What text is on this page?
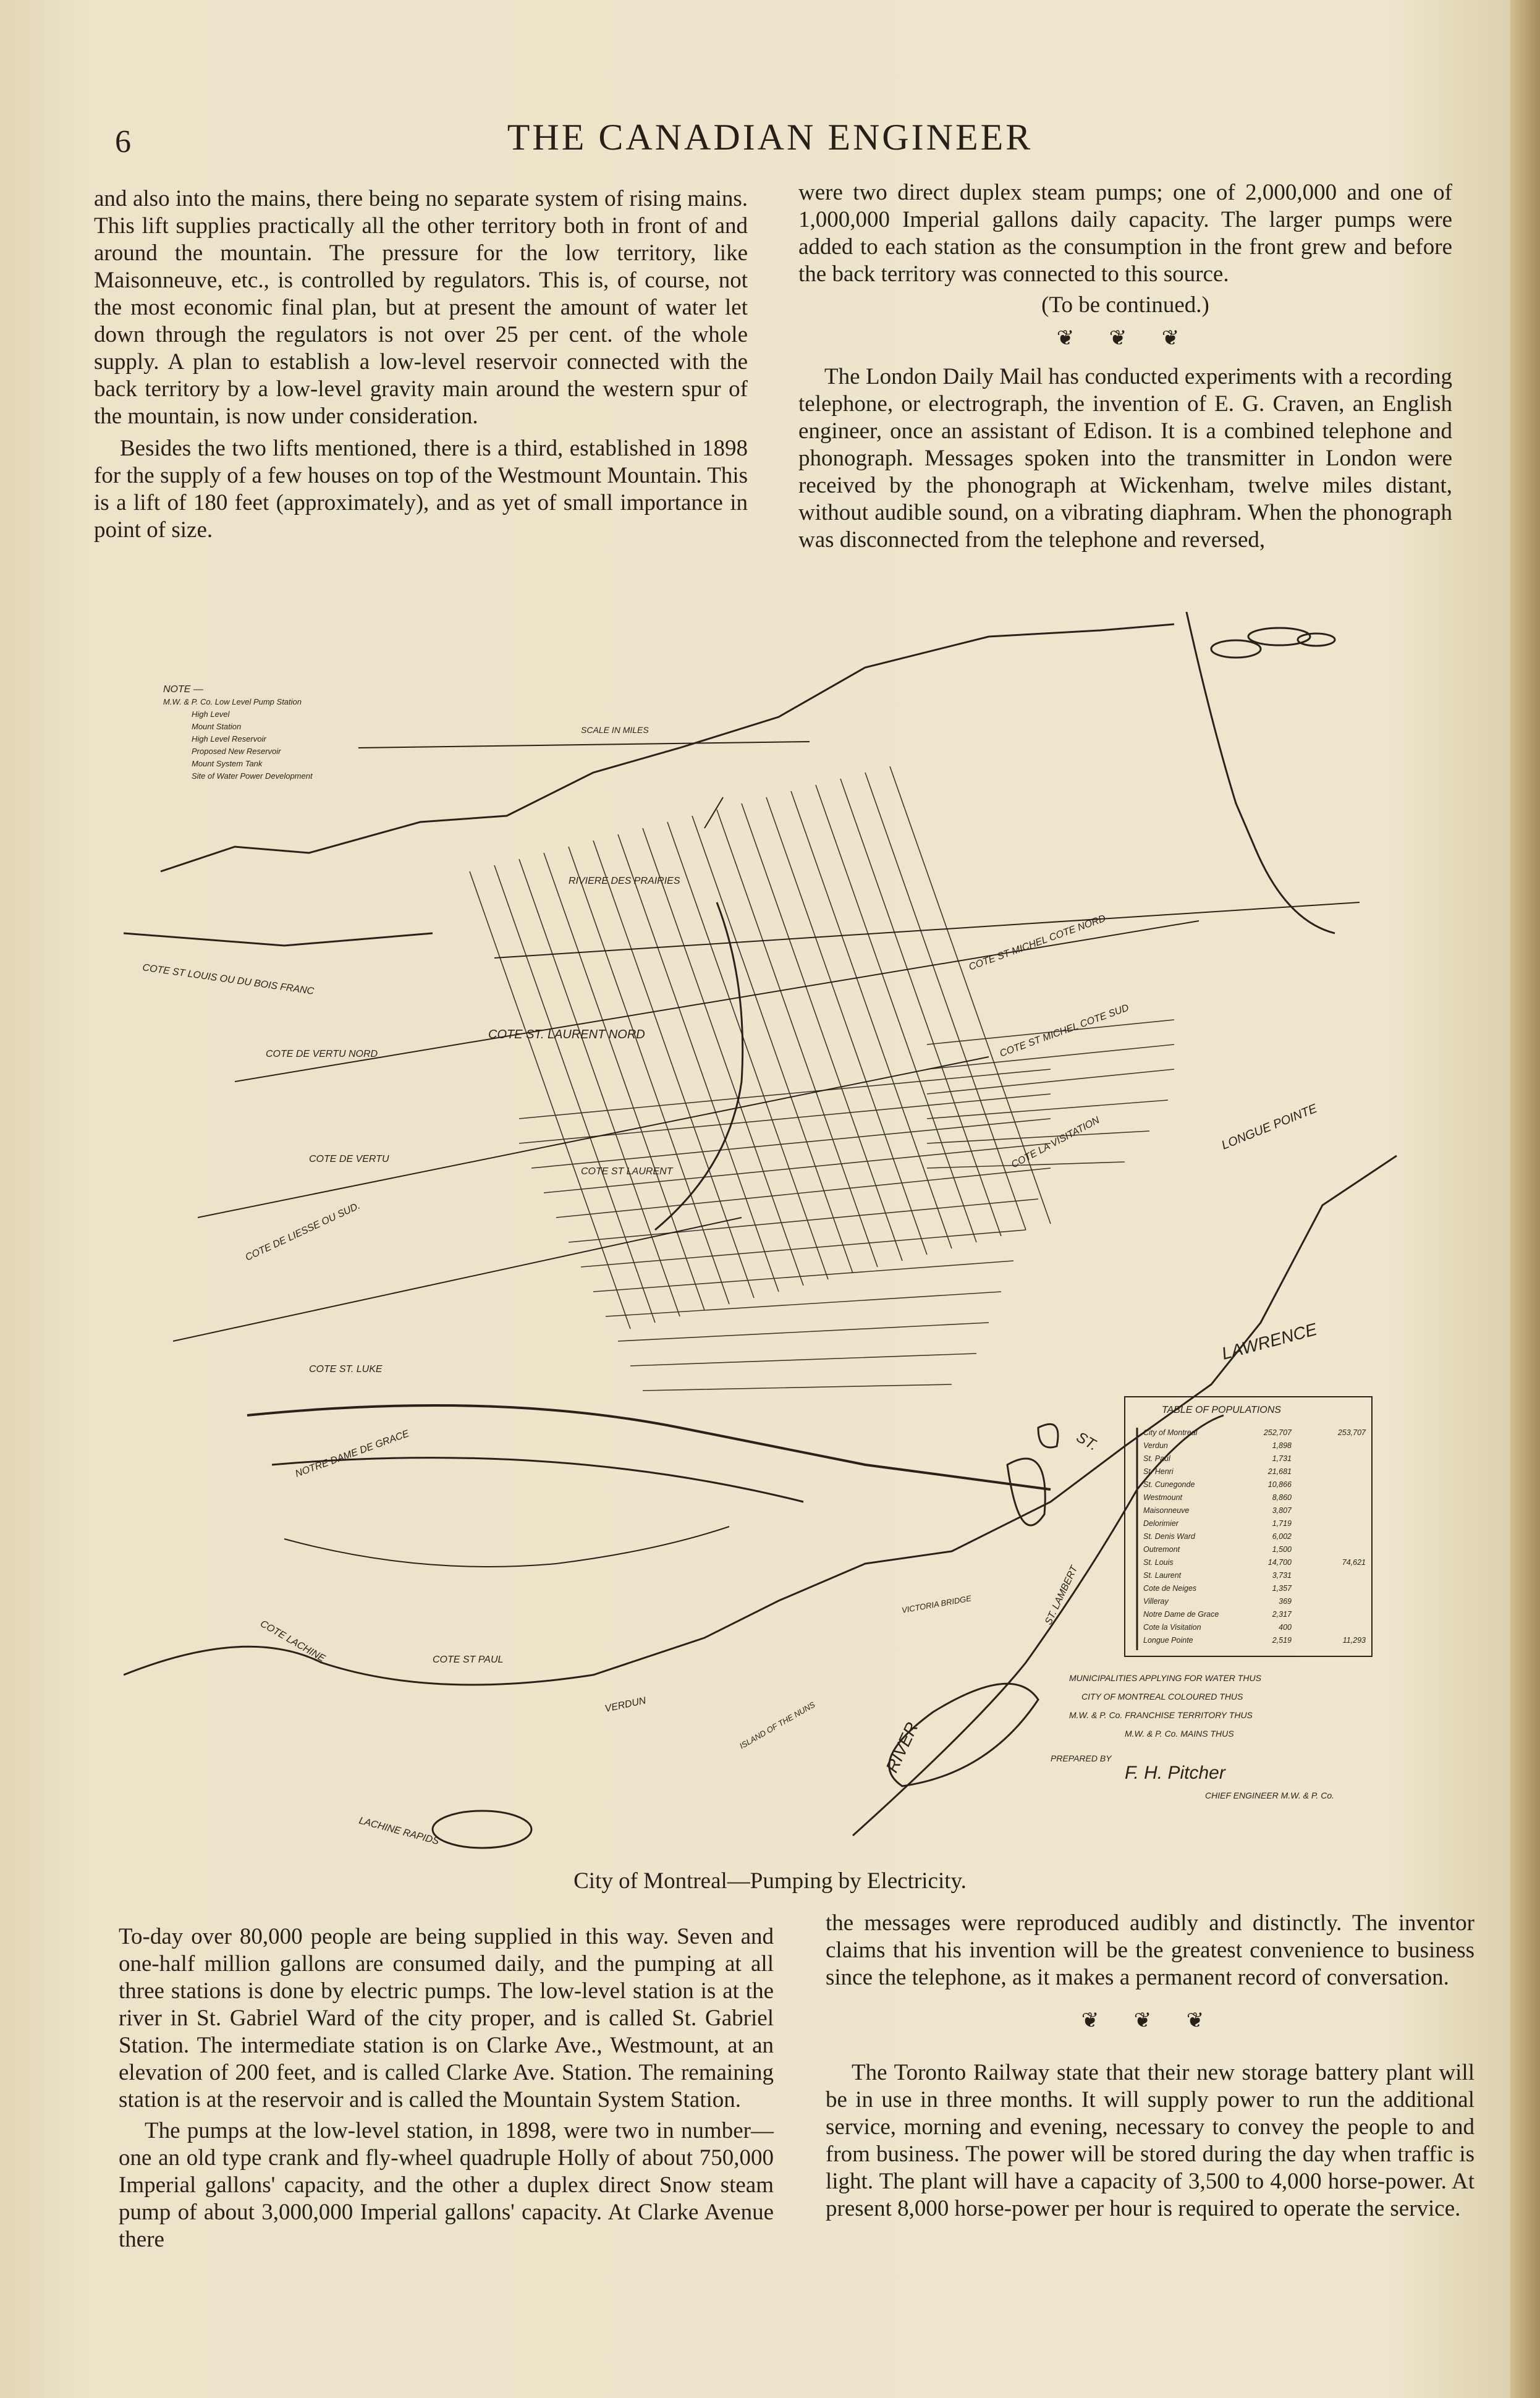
6	THE CANADIAN ENGINEER

and also into the mains, there being no separate system of rising mains. This lift supplies practically all the other territory both in front of and around the mountain. The pressure for the low territory, like Maisonneuve, etc., is controlled by regulators. This is, of course, not the most economic final plan, but at present the amount of water let down through the regulators is not over 25 per cent. of the whole supply. A plan to establish a low-level reservoir connected with the back territory by a low-level gravity main around the western spur of the mountain, is now under consideration.

Besides the two lifts mentioned, there is a third, established in 1898 for the supply of a few houses on top of the Westmount Mountain. This is a lift of 180 feet (approximately), and as yet of small importance in point of size.

were two direct duplex steam pumps; one of 2,000,000 and one of 1,000,000 Imperial gallons daily capacity. The larger pumps were added to each station as the consumption in the front grew and before the back territory was connected to this source.

(To be continued.)
❦ ❦ ❦

The London Daily Mail has conducted experiments with a recording telephone, or electrograph, the invention of E. G. Craven, an English engineer, once an assistant of Edison. It is a combined telephone and phonograph. Messages spoken into the transmitter in London were received by the phonograph at Wickenham, twelve miles distant, without audible sound, on a vibrating diaphram. When the phonograph was disconnected from the telephone and reversed,

NOTE —
M.W. & P. Co. Low Level Pump Station
High Level
Mount Station
High Level Reservoir
Proposed New Reservoir
Mount System Tank
Site of Water Power Development
SCALE IN MILES
RIVIERE DES PRAIRIES
COTE ST LOUIS OU DU BOIS FRANC
COTE DE VERTU NORD
COTE DE VERTU
COTE ST. LAURENT NORD
COTE ST LAURENT
COTE DE LIESSE OU SUD.
COTE ST MICHEL COTE NORD
COTE ST MICHEL COTE SUD
COTE LA VISITATION	LONGUE POINTE
COTE ST. LUKE
NOTRE DAME DE GRACE
COTE ST PAUL
COTE LACHINE
VERDUN
LAWRENCE
ST.
RIVER
ST. LAMBERT
LACHINE RAPIDS
ISLAND OF THE NUNS
VICTORIA BRIDGE
TABLE OF POPULATIONS
City of Montreal	252,707	253,707
Verdun	1,898
St. Paul	1,731
St. Henri	21,681
St. Cunegonde	10,866
Westmount	8,860
Maisonneuve	3,807
Delorimier	1,719
St. Denis Ward	6,002
Outremont	1,500
St. Louis	14,700	74,621
St. Laurent	3,731
Cote de Neiges	1,357
Villeray	369
Notre Dame de Grace	2,317
Cote la Visitation	400
Longue Pointe	2,519	11,293
MUNICIPALITIES APPLYING FOR WATER THUS
CITY OF MONTREAL COLOURED THUS
M.W. & P. Co. FRANCHISE TERRITORY THUS
M.W. & P. Co. MAINS THUS
PREPARED BY
F. H. Pitcher
CHIEF ENGINEER M.W. & P. Co.
City of Montreal—Pumping by Electricity.

To-day over 80,000 people are being supplied in this way. Seven and one-half million gallons are consumed daily, and the pumping at all three stations is done by electric pumps. The low-level station is at the river in St. Gabriel Ward of the city proper, and is called St. Gabriel Station. The intermediate station is on Clarke Ave., Westmount, at an elevation of 200 feet, and is called Clarke Ave. Station. The remaining station is at the reservoir and is called the Mountain System Station.

The pumps at the low-level station, in 1898, were two in number—one an old type crank and fly-wheel quadruple Holly of about 750,000 Imperial gallons' capacity, and the other a duplex direct Snow steam pump of about 3,000,000 Imperial gallons' capacity. At Clarke Avenue there

the messages were reproduced audibly and distinctly. The inventor claims that his invention will be the greatest convenience to business since the telephone, as it makes a permanent record of conversation.

❦ ❦ ❦

The Toronto Railway state that their new storage battery plant will be in use in three months. It will supply power to run the additional service, morning and evening, necessary to convey the people to and from business. The power will be stored during the day when traffic is light. The plant will have a capacity of 3,500 to 4,000 horse-power. At present 8,000 horse-power per hour is required to operate the service.
